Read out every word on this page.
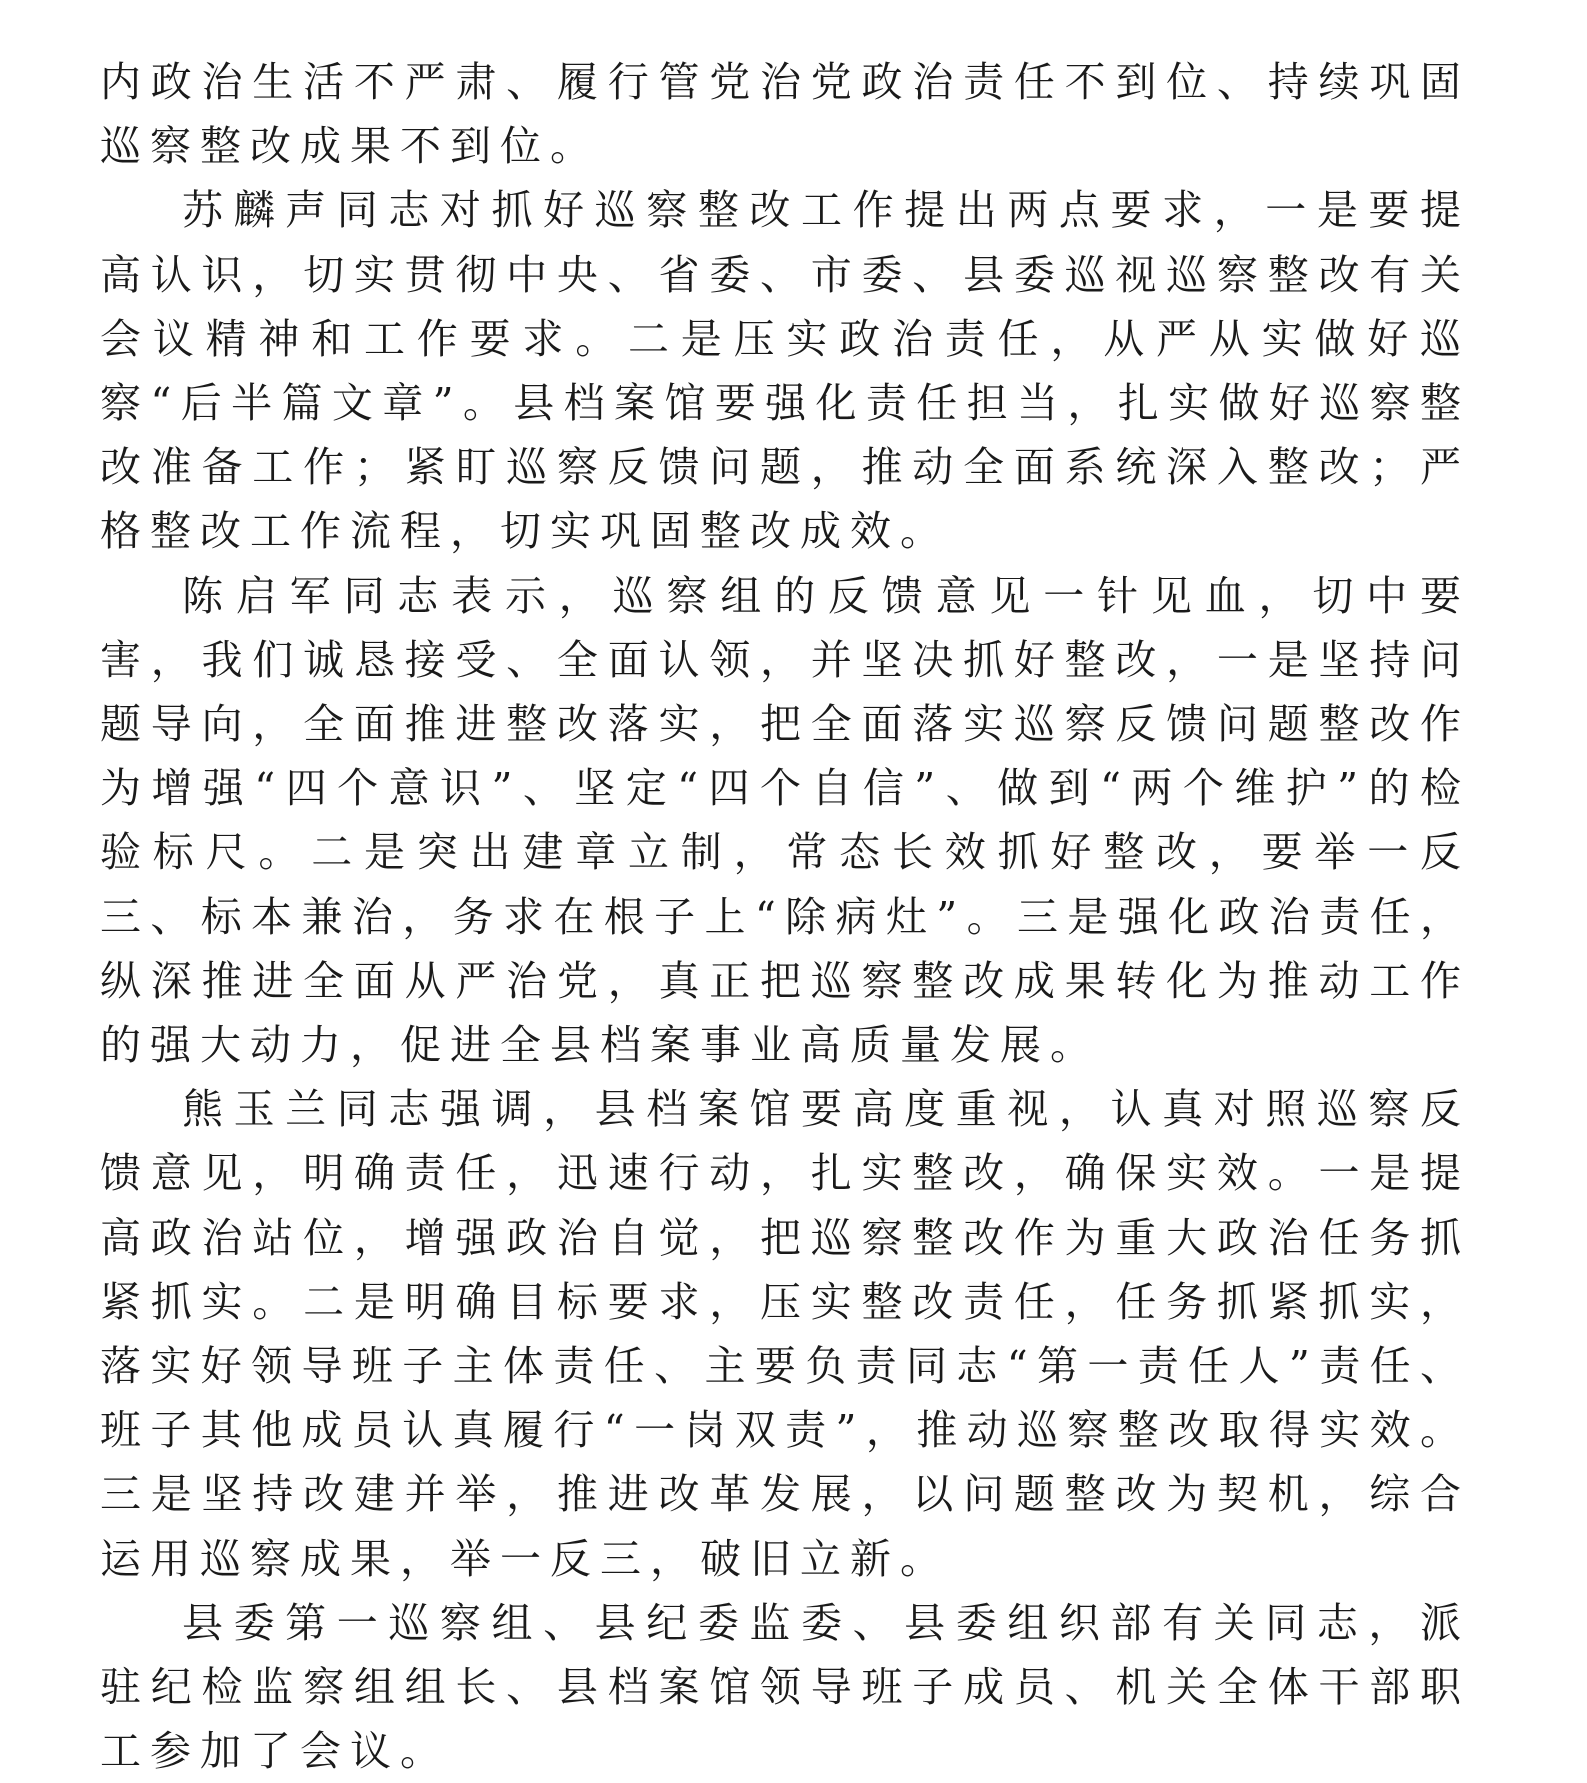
内政治生活不严肃、履行管党治党政治责任不到位、持续巩固巡察整改成果不到位。

苏麟声同志对抓好巡察整改工作提出两点要求，一是要提高认识，切实贯彻中央、省委、市委、县委巡视巡察整改有关会议精神和工作要求。二是压实政治责任，从严从实做好巡察“后半篇文章”。县档案馆要强化责任担当，扎实做好巡察整改准备工作；紧盯巡察反馈问题，推动全面系统深入整改；严格整改工作流程，切实巩固整改成效。

陈启军同志表示，巡察组的反馈意见一针见血，切中要害，我们诚恳接受、全面认领，并坚决抓好整改，一是坚持问题导向，全面推进整改落实，把全面落实巡察反馈问题整改作为增强“四个意识”、坚定“四个自信”、做到“两个维护”的检验标尺。二是突出建章立制，常态长效抓好整改，要举一反三、标本兼治，务求在根子上“除病灶”。三是强化政治责任，纵深推进全面从严治党，真正把巡察整改成果转化为推动工作的强大动力，促进全县档案事业高质量发展。

熊玉兰同志强调，县档案馆要高度重视，认真对照巡察反馈意见，明确责任，迅速行动，扎实整改，确保实效。一是提高政治站位，增强政治自觉，把巡察整改作为重大政治任务抓紧抓实。二是明确目标要求，压实整改责任，任务抓紧抓实，落实好领导班子主体责任、主要负责同志“第一责任人”责任、班子其他成员认真履行“一岗双责”，推动巡察整改取得实效。三是坚持改建并举，推进改革发展，以问题整改为契机，综合运用巡察成果，举一反三，破旧立新。

县委第一巡察组、县纪委监委、县委组织部有关同志，派驻纪检监察组组长、县档案馆领导班子成员、机关全体干部职工参加了会议。
